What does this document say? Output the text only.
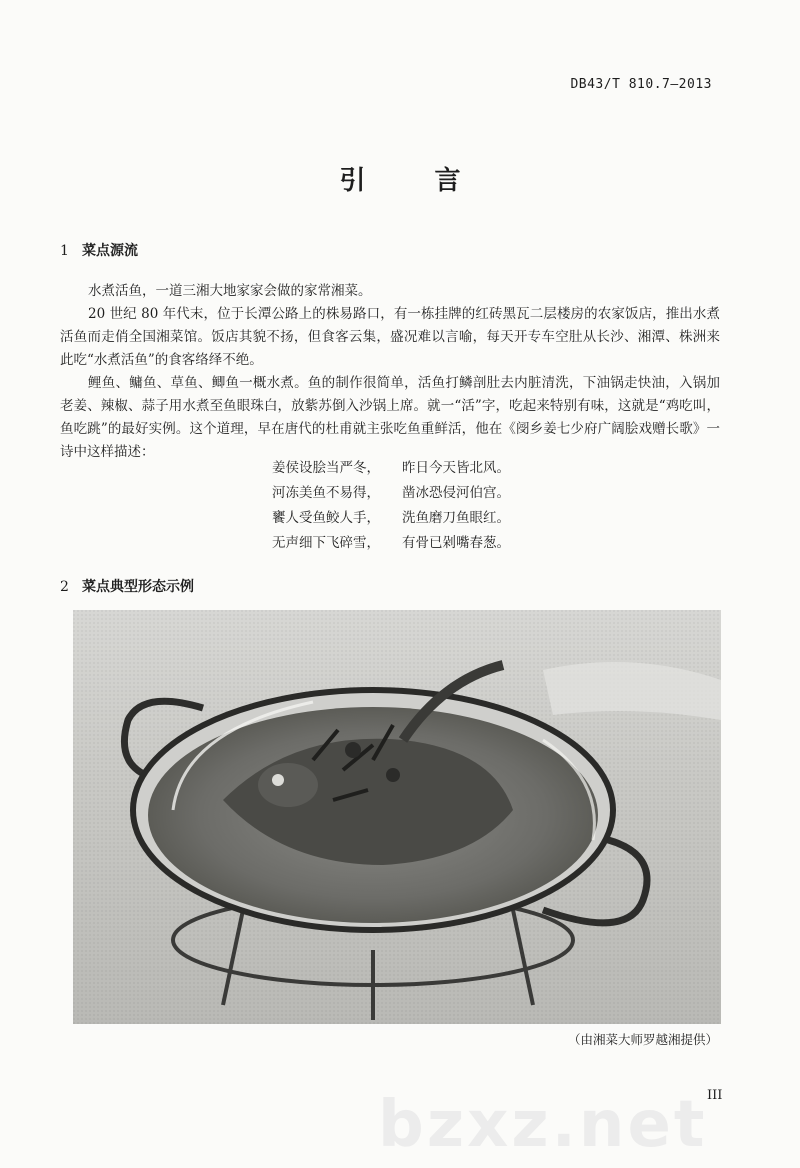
DB43/T 810.7—2013
引 言
1 菜点源流

水煮活鱼，一道三湘大地家家会做的家常湘菜。

20 世纪 80 年代末，位于长潭公路上的株易路口，有一栋挂牌的红砖黑瓦二层楼房的农家饭店，推出水煮活鱼而走俏全国湘菜馆。饭店其貌不扬，但食客云集，盛况难以言喻，每天开专车空肚从长沙、湘潭、株洲来此吃“水煮活鱼”的食客络绎不绝。

鲤鱼、鳙鱼、草鱼、鲫鱼一概水煮。鱼的制作很简单，活鱼打鳞剖肚去内脏清洗，下油锅走快油，入锅加老姜、辣椒、蒜子用水煮至鱼眼珠白，放紫苏倒入沙锅上席。就一“活”字，吃起来特别有味，这就是“鸡吃叫，鱼吃跳”的最好实例。这个道理，早在唐代的杜甫就主张吃鱼重鲜活，他在《阌乡姜七少府广阔脍戏赠长歌》一诗中这样描述：

姜侯设脍当严冬， 昨日今天皆北风。
河冻美鱼不易得， 凿冰恐侵河伯宫。
饔人受鱼鲛人手， 洗鱼磨刀鱼眼红。
无声细下飞碎雪， 有骨已剁嘴春葱。
2 菜点典型形态示例
（由湘菜大师罗越湘提供）
bzxz.net III
